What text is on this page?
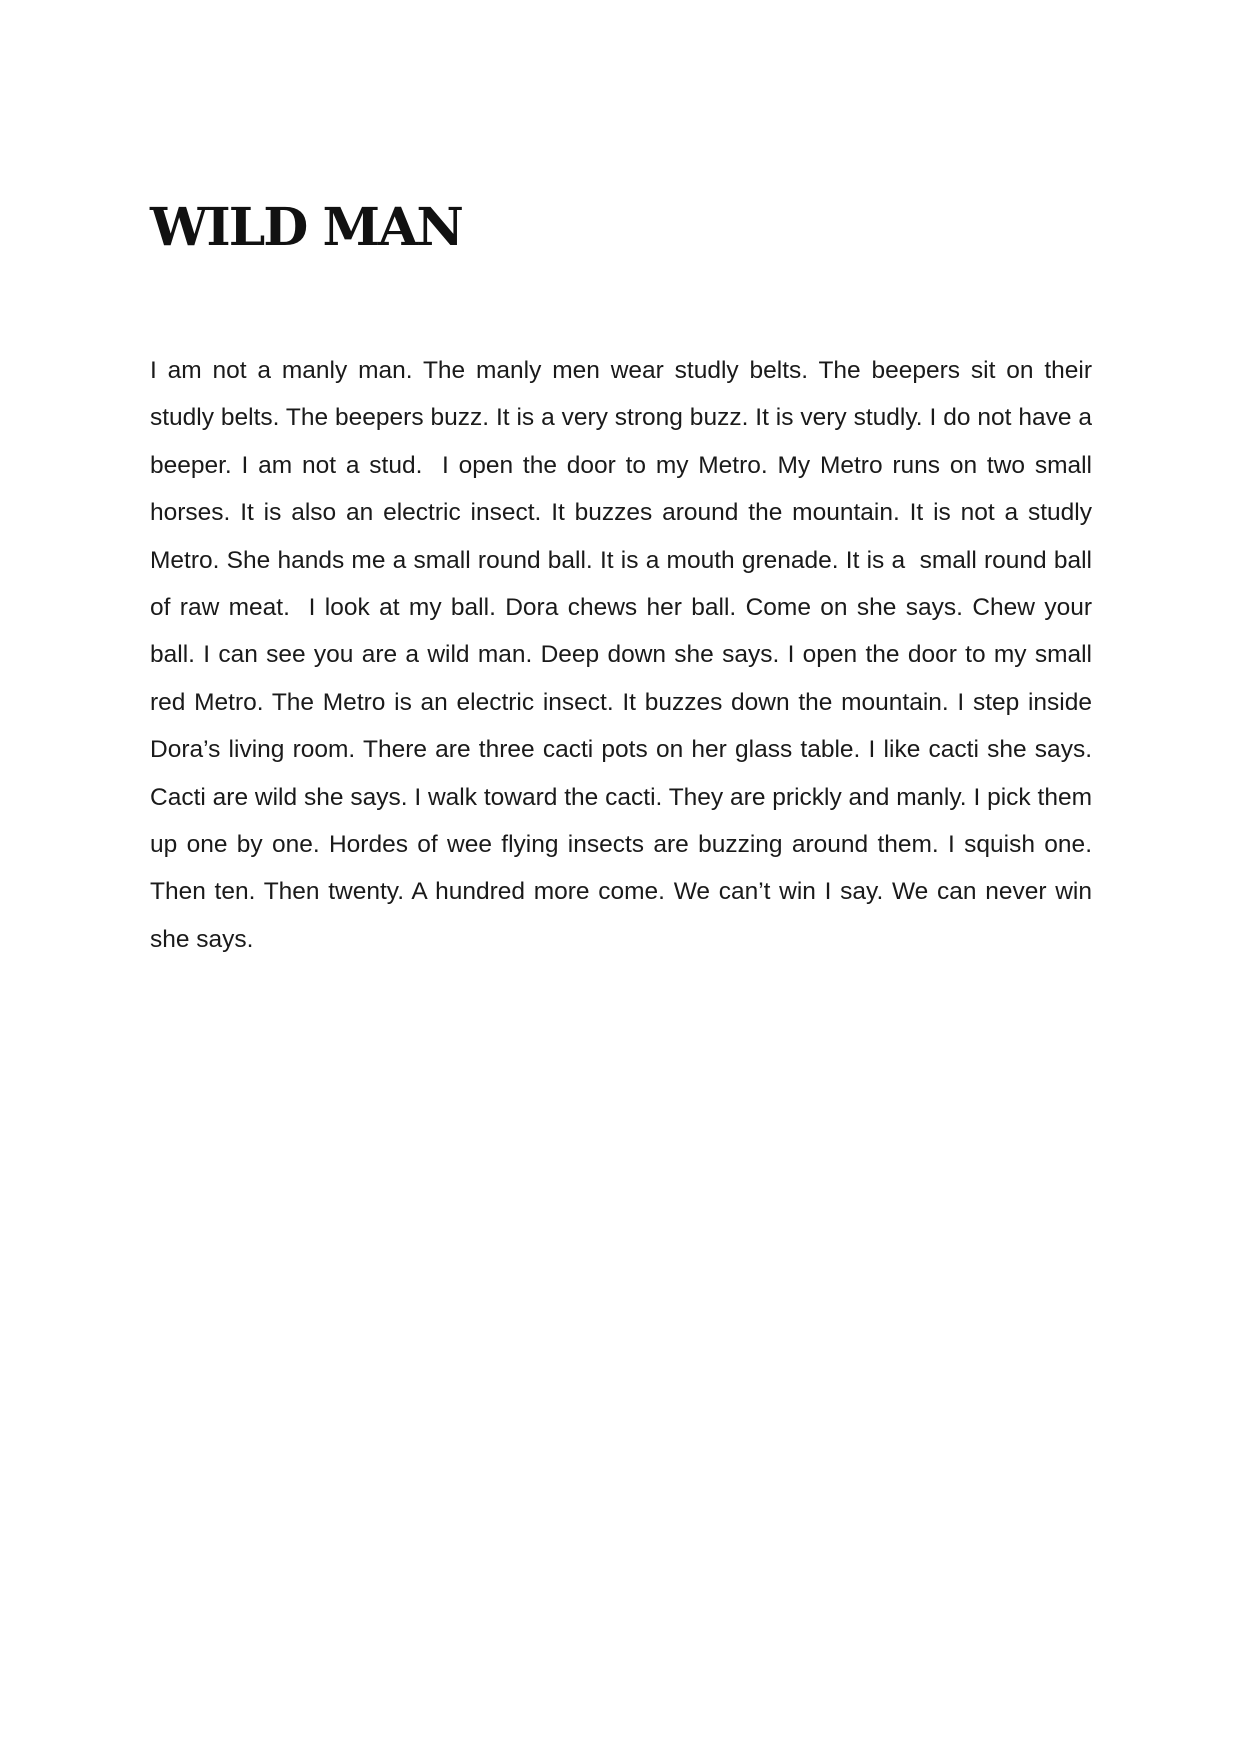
WILD MAN

I am not a manly man. The manly men wear studly belts. The beepers sit on their studly belts. The beepers buzz. It is a very strong buzz. It is very studly. I do not have a beeper. I am not a stud.  I open the door to my Metro. My Metro runs on two small horses. It is also an electric insect. It buzzes around the mountain. It is not a studly Metro. She hands me a small round ball. It is a mouth grenade. It is a  small round ball of raw meat.  I look at my ball. Dora chews her ball. Come on she says. Chew your ball. I can see you are a wild man. Deep down she says. I open the door to my small red Metro. The Metro is an electric insect. It buzzes down the mountain. I step inside Dora’s living room. There are three cacti pots on her glass table. I like cacti she says. Cacti are wild she says. I walk toward the cacti. They are prickly and manly. I pick them up one by one. Hordes of wee flying insects are buzzing around them. I squish one. Then ten. Then twenty. A hundred more come. We can’t win I say. We can never win she says.
